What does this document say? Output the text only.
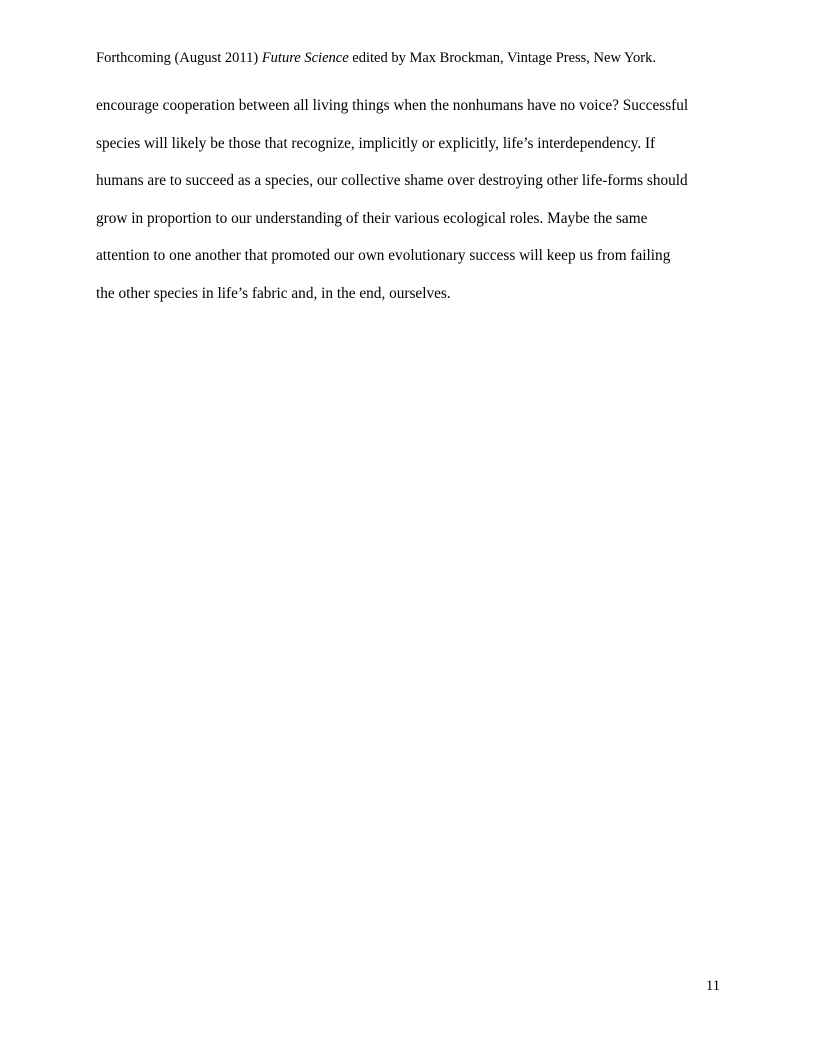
Forthcoming (August 2011) Future Science edited by Max Brockman, Vintage Press, New York.

encourage cooperation between all living things when the nonhumans have no voice? Successful
species will likely be those that recognize, implicitly or explicitly, life’s interdependency. If
humans are to succeed as a species, our collective shame over destroying other life-forms should
grow in proportion to our understanding of their various ecological roles. Maybe the same
attention to one another that promoted our own evolutionary success will keep us from failing
the other species in life’s fabric and, in the end, ourselves.

11
